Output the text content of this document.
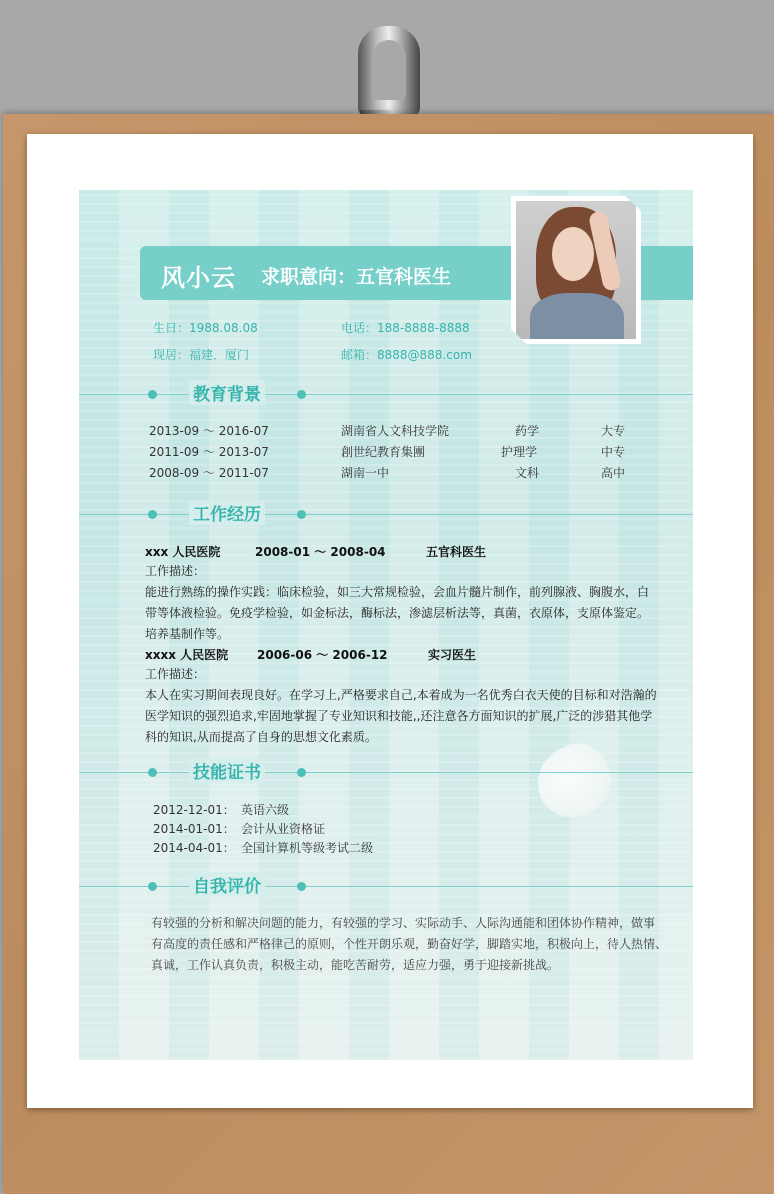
风小云 求职意向：五官科医生
生日：1988.08.08
现居：福建．厦门
电话：188-8888-8888
邮箱：8888@888.com
教育背景
2013-09 ～ 2016-07	湖南省人文科技学院	药学	大专
2011-09 ～ 2013-07	創世纪教育集團	护理学	中专
2008-09 ～ 2011-07	湖南一中	文科	高中
工作经历
xxx 人民医院	2008-01 ～ 2008-04	五官科医生
工作描述：
能进行熟练的操作实践：临床检验，如三大常规检验，会血片髓片制作，前列腺液、胸腹水，白
带等体液检验。免疫学检验，如金标法，酶标法，渗滤层析法等，真菌，衣原体，支原体鉴定。
培养基制作等。
xxxx 人民医院 2006-06 ～ 2006-12	实习医生
工作描述：
本人在实习期间表现良好。在学习上,严格要求自己,本着成为一名优秀白衣天使的目标和对浩瀚的
医学知识的强烈追求,牢固地掌握了专业知识和技能,,还注意各方面知识的扩展,广泛的涉猎其他学
科的知识,从而提高了自身的思想文化素质。
技能证书
2012-12-01： 英语六级
2014-01-01： 会计从业资格证
2014-04-01： 全国计算机等级考试二级
自我评价
有较强的分析和解决问题的能力，有较强的学习、实际动手、人际沟通能和团体协作精神，做事
有高度的责任感和严格律己的原则，个性开朗乐观，勤奋好学，脚踏实地，积极向上，待人热情、
真诚，工作认真负责，积极主动，能吃苦耐劳，适应力强，勇于迎接新挑战。
